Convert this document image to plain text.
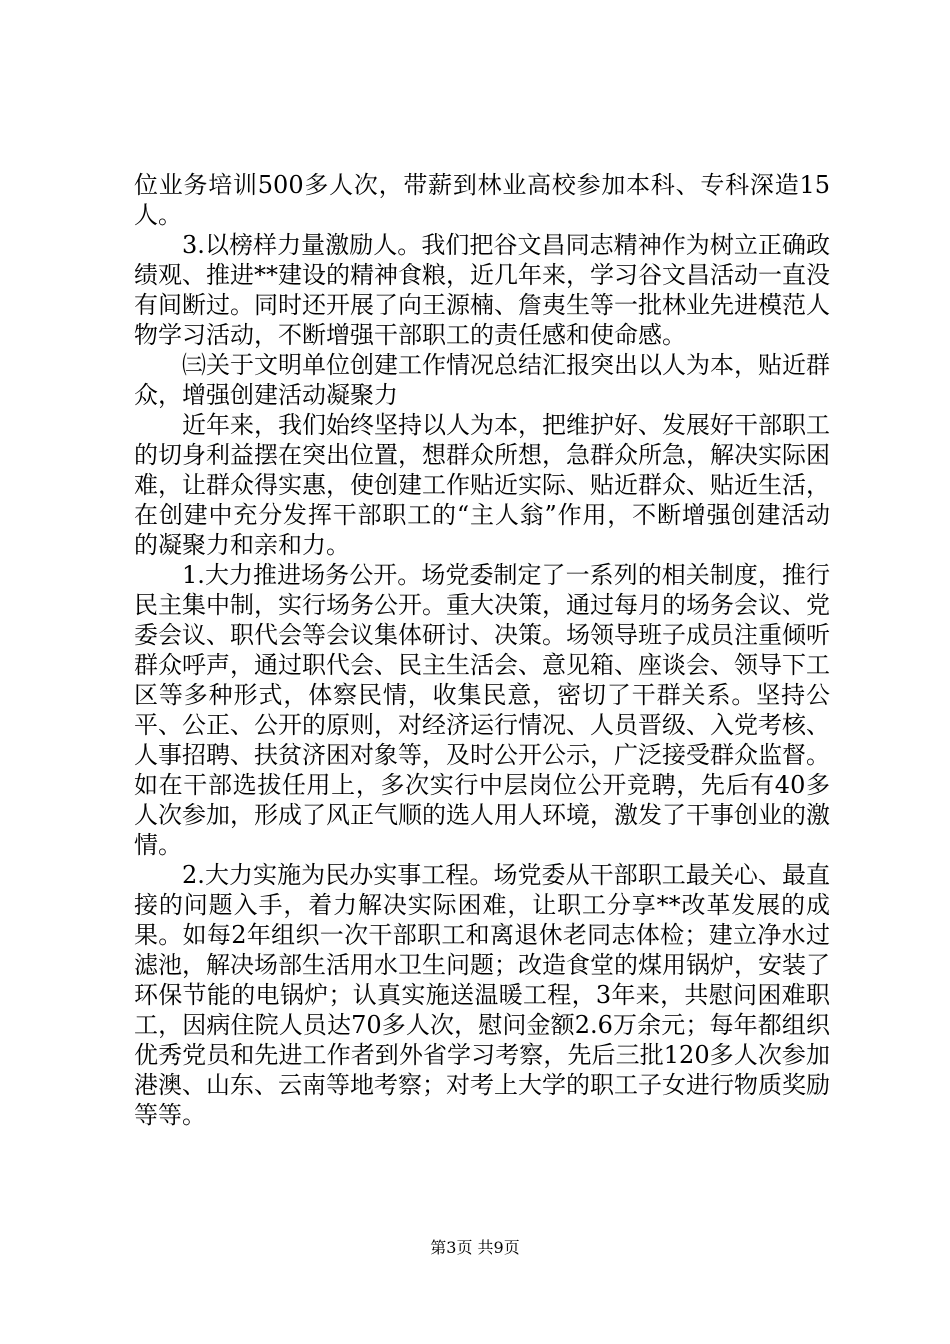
位业务培训500多人次，带薪到林业高校参加本科、专科深造15人。

3.以榜样力量激励人。我们把谷文昌同志精神作为树立正确政绩观、推进**建设的精神食粮，近几年来，学习谷文昌活动一直没有间断过。同时还开展了向王源楠、詹夷生等一批林业先进模范人物学习活动，不断增强干部职工的责任感和使命感。

㈢关于文明单位创建工作情况总结汇报突出以人为本，贴近群众，增强创建活动凝聚力

近年来，我们始终坚持以人为本，把维护好、发展好干部职工的切身利益摆在突出位置，想群众所想，急群众所急，解决实际困难，让群众得实惠，使创建工作贴近实际、贴近群众、贴近生活，在创建中充分发挥干部职工的“主人翁”作用，不断增强创建活动的凝聚力和亲和力。

1.大力推进场务公开。场党委制定了一系列的相关制度，推行民主集中制，实行场务公开。重大决策，通过每月的场务会议、党委会议、职代会等会议集体研讨、决策。场领导班子成员注重倾听群众呼声，通过职代会、民主生活会、意见箱、座谈会、领导下工区等多种形式，体察民情，收集民意，密切了干群关系。坚持公平、公正、公开的原则，对经济运行情况、人员晋级、入党考核、人事招聘、扶贫济困对象等，及时公开公示，广泛接受群众监督。如在干部选拔任用上，多次实行中层岗位公开竞聘，先后有40多人次参加，形成了风正气顺的选人用人环境，激发了干事创业的激情。

2.大力实施为民办实事工程。场党委从干部职工最关心、最直接的问题入手，着力解决实际困难，让职工分享**改革发展的成果。如每2年组织一次干部职工和离退休老同志体检；建立净水过滤池，解决场部生活用水卫生问题；改造食堂的煤用锅炉，安装了环保节能的电锅炉；认真实施送温暖工程，3年来，共慰问困难职工，因病住院人员达70多人次，慰问金额2.6万余元；每年都组织优秀党员和先进工作者到外省学习考察，先后三批120多人次参加港澳、山东、云南等地考察；对考上大学的职工子女进行物质奖励等等。

第3页 共9页
